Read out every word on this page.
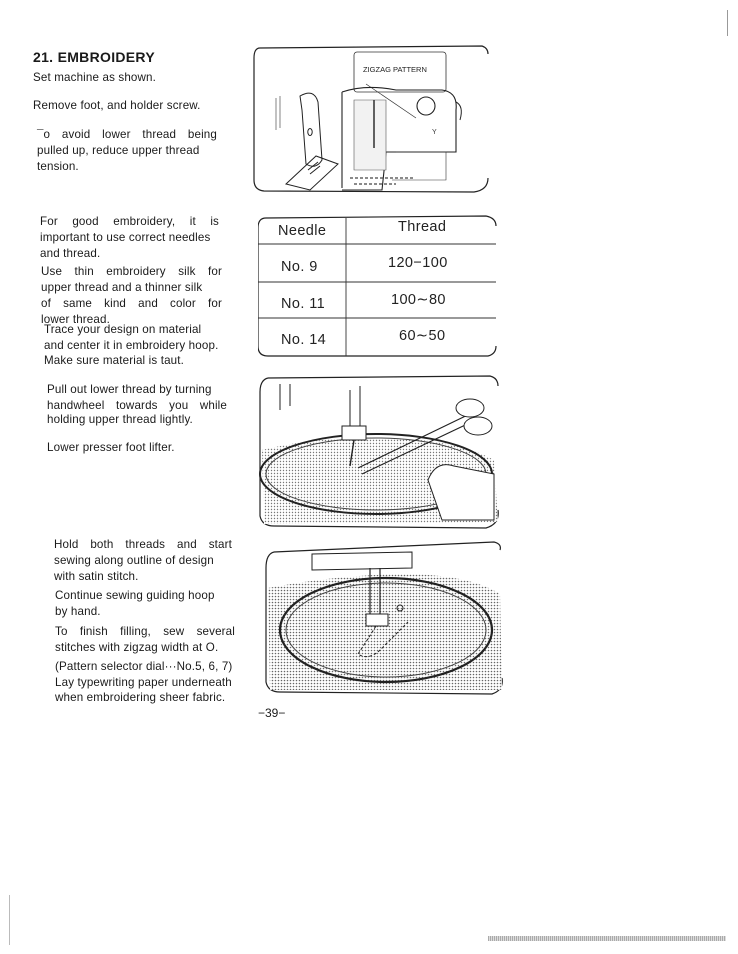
21. EMBROIDERY
Set machine as shown.
Remove foot, and holder screw.
¯o avoid lower thread being
pulled up, reduce upper thread
tension.
For good embroidery, it is
important to use correct needles
and thread.
Use thin embroidery silk for
upper thread and a thinner silk
of same kind and color for
lower thread.
Trace your design on material
and center it in embroidery hoop.
Make sure material is taut.
Pull out lower thread by turning
handwheel towards you while
holding upper thread lightly.
Lower presser foot lifter.
Hold both threads and start
sewing along outline of design
with satin stitch.
Continue sewing guiding hoop
by hand.
To finish filling, sew several
stitches with zigzag width at O.
(Pattern selector dial···No.5, 6, 7)
Lay typewriting paper underneath
when embroidering sheer fabric.
ZIGZAG PATTERN
Y
Needle	Thread
No. 9	120−100
No. 11	100∼80
No. 14	60∼50
−39−
